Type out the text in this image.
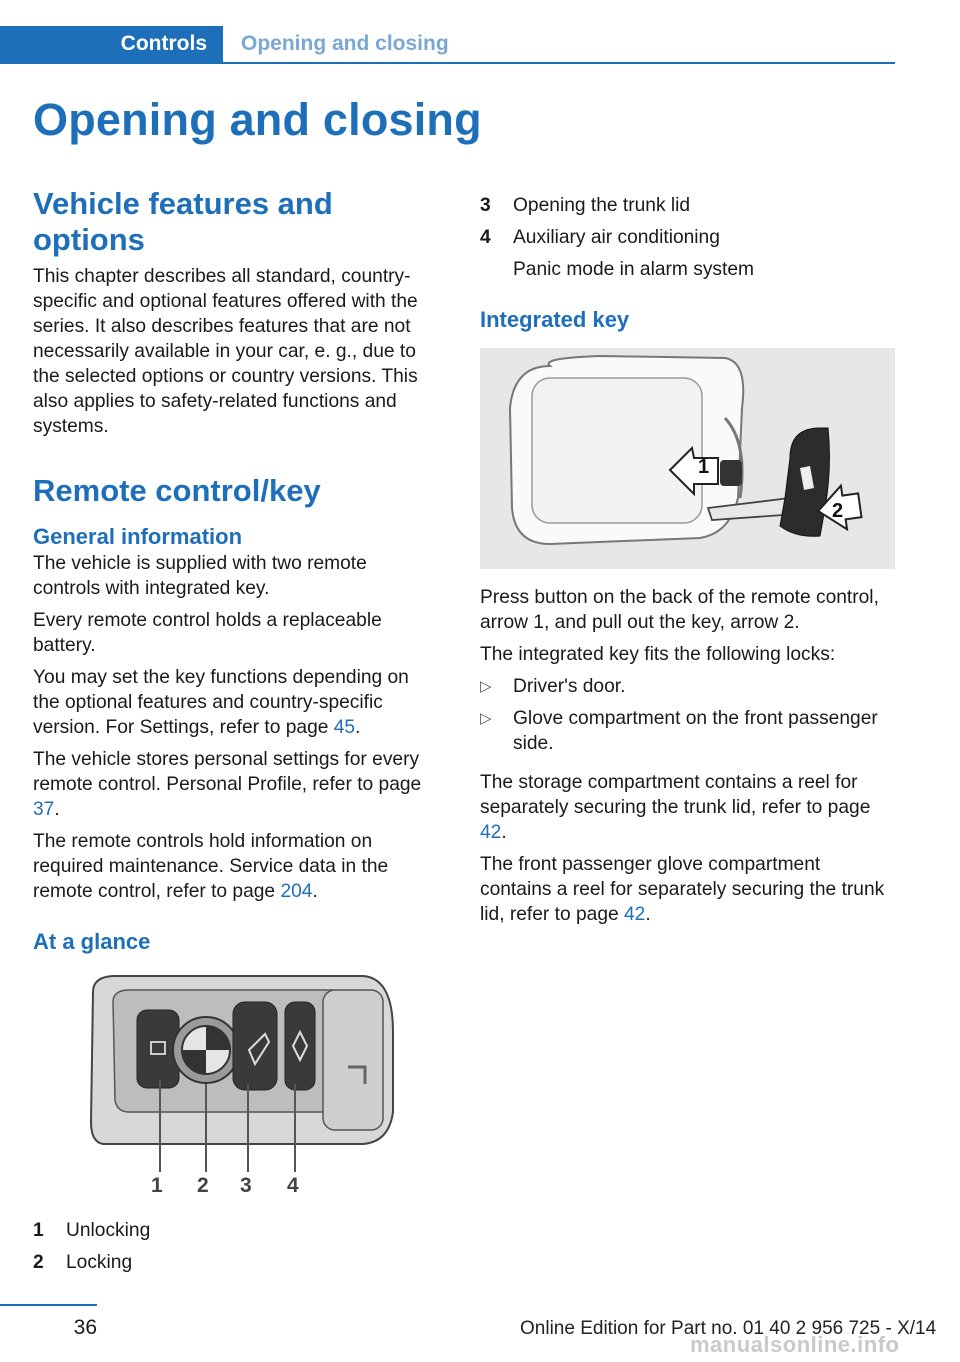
Controls	Opening and closing
Opening and closing
Vehicle features and options

This chapter describes all standard, country-specific and optional features offered with the series. It also describes features that are not necessarily available in your car, e. g., due to the selected options or country versions. This also applies to safety-related functions and systems.

Remote control/key
General information

The vehicle is supplied with two remote controls with integrated key.

Every remote control holds a replaceable battery.

You may set the key functions depending on the optional features and country-specific version. For Settings, refer to page 45.

The vehicle stores personal settings for every remote control. Personal Profile, refer to page 37.

The remote controls hold information on required maintenance. Service data in the remote control, refer to page 204.

At a glance
1 2 3 4
1	Unlocking
2	Locking
3	Opening the trunk lid
4	Auxiliary air conditioning
Panic mode in alarm system
Integrated key
1
2

Press button on the back of the remote control, arrow 1, and pull out the key, arrow 2.

The integrated key fits the following locks:

▷	Driver's door.
▷	Glove compartment on the front passenger side.

The storage compartment contains a reel for separately securing the trunk lid, refer to page 42.

The front passenger glove compartment contains a reel for separately securing the trunk lid, refer to page 42.

36	Online Edition for Part no. 01 40 2 956 725 - X/14
manualsonline.info
